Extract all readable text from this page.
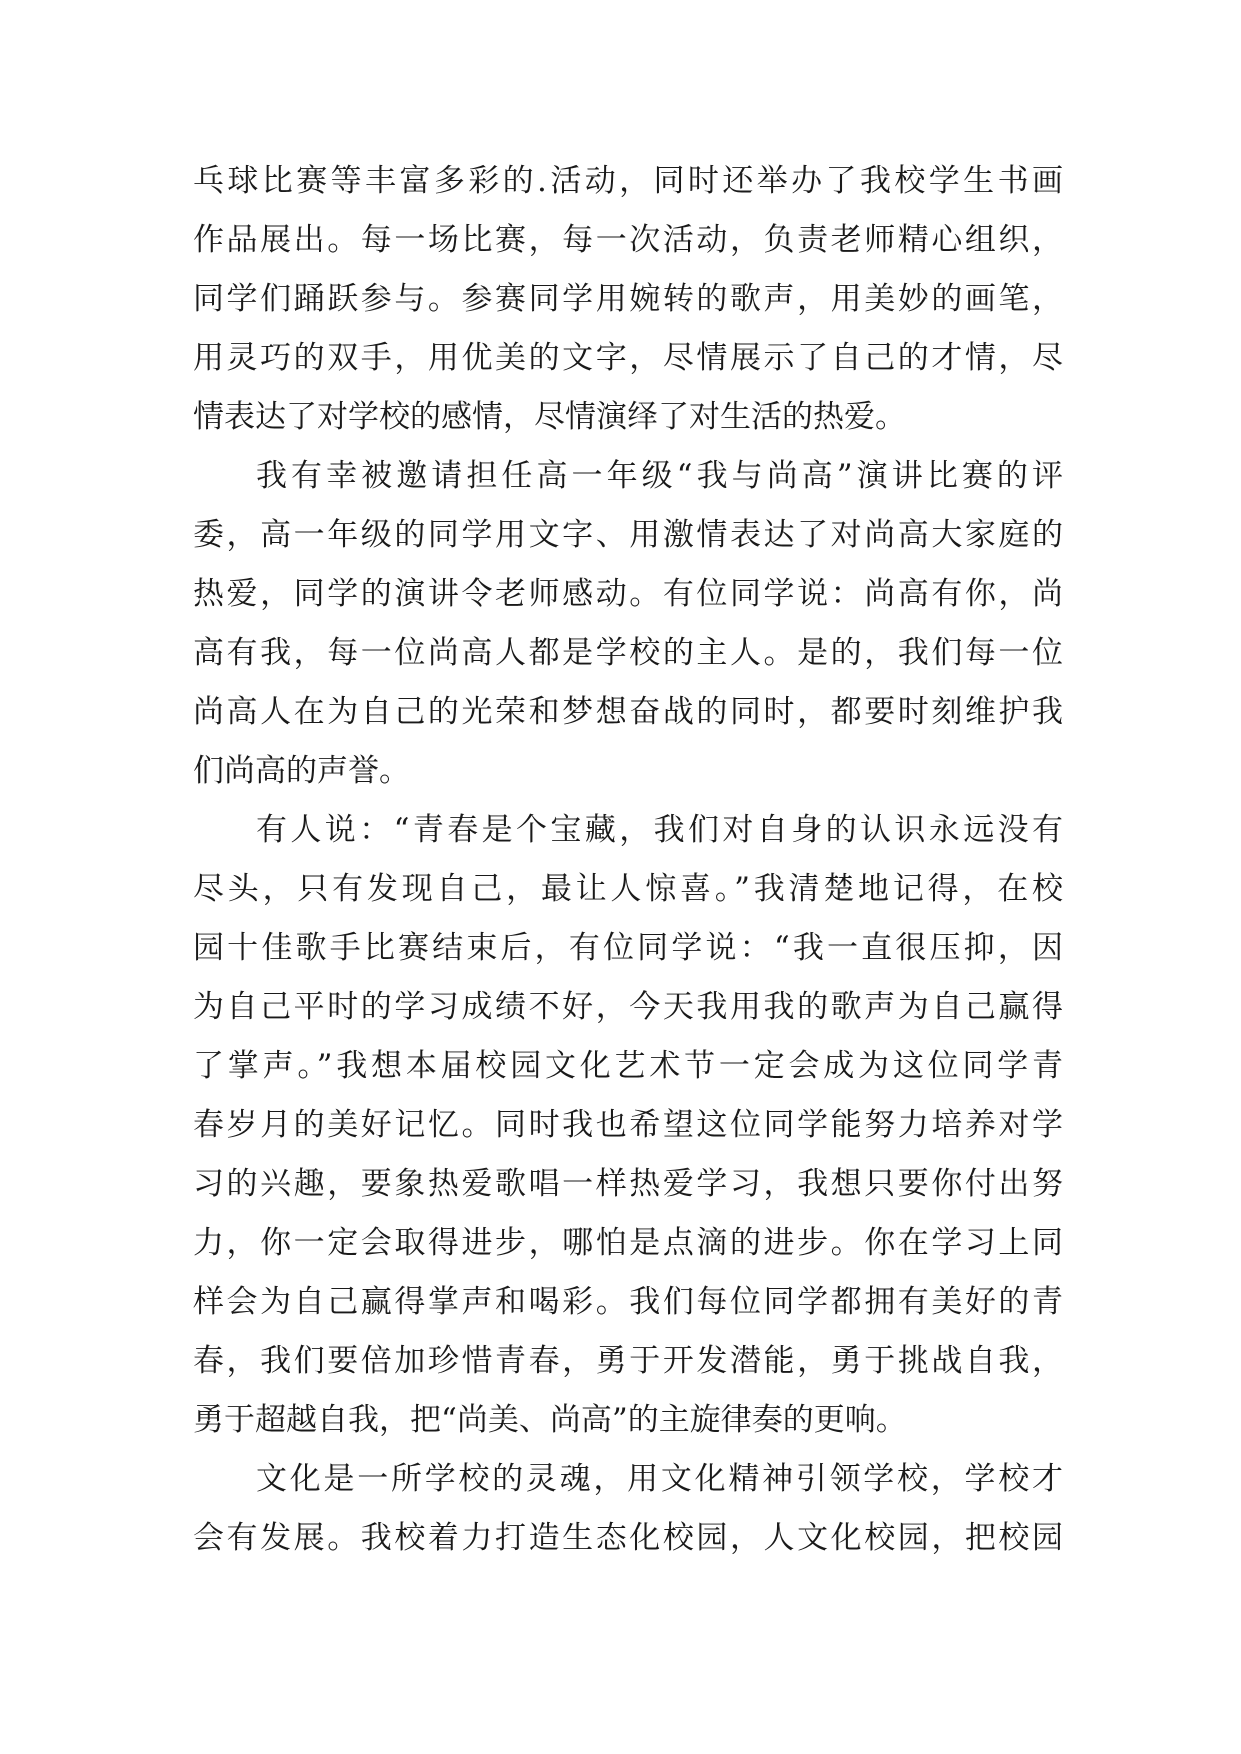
乓球比赛等丰富多彩的.活动，同时还举办了我校学生书画
作品展出。每一场比赛，每一次活动，负责老师精心组织，
同学们踊跃参与。参赛同学用婉转的歌声，用美妙的画笔，
用灵巧的双手，用优美的文字，尽情展示了自己的才情，尽
情表达了对学校的感情，尽情演绎了对生活的热爱。
我有幸被邀请担任高一年级“我与尚高”演讲比赛的评
委，高一年级的同学用文字、用激情表达了对尚高大家庭的
热爱，同学的演讲令老师感动。有位同学说：尚高有你，尚
高有我，每一位尚高人都是学校的主人。是的，我们每一位
尚高人在为自己的光荣和梦想奋战的同时，都要时刻维护我
们尚高的声誉。
有人说：“青春是个宝藏，我们对自身的认识永远没有
尽头，只有发现自己，最让人惊喜。”我清楚地记得，在校
园十佳歌手比赛结束后，有位同学说：“我一直很压抑，因
为自己平时的学习成绩不好，今天我用我的歌声为自己赢得
了掌声。”我想本届校园文化艺术节一定会成为这位同学青
春岁月的美好记忆。同时我也希望这位同学能努力培养对学
习的兴趣，要象热爱歌唱一样热爱学习，我想只要你付出努
力，你一定会取得进步，哪怕是点滴的进步。你在学习上同
样会为自己赢得掌声和喝彩。我们每位同学都拥有美好的青
春，我们要倍加珍惜青春，勇于开发潜能，勇于挑战自我，
勇于超越自我，把“尚美、尚高”的主旋律奏的更响。
文化是一所学校的灵魂，用文化精神引领学校，学校才
会有发展。我校着力打造生态化校园，人文化校园，把校园
